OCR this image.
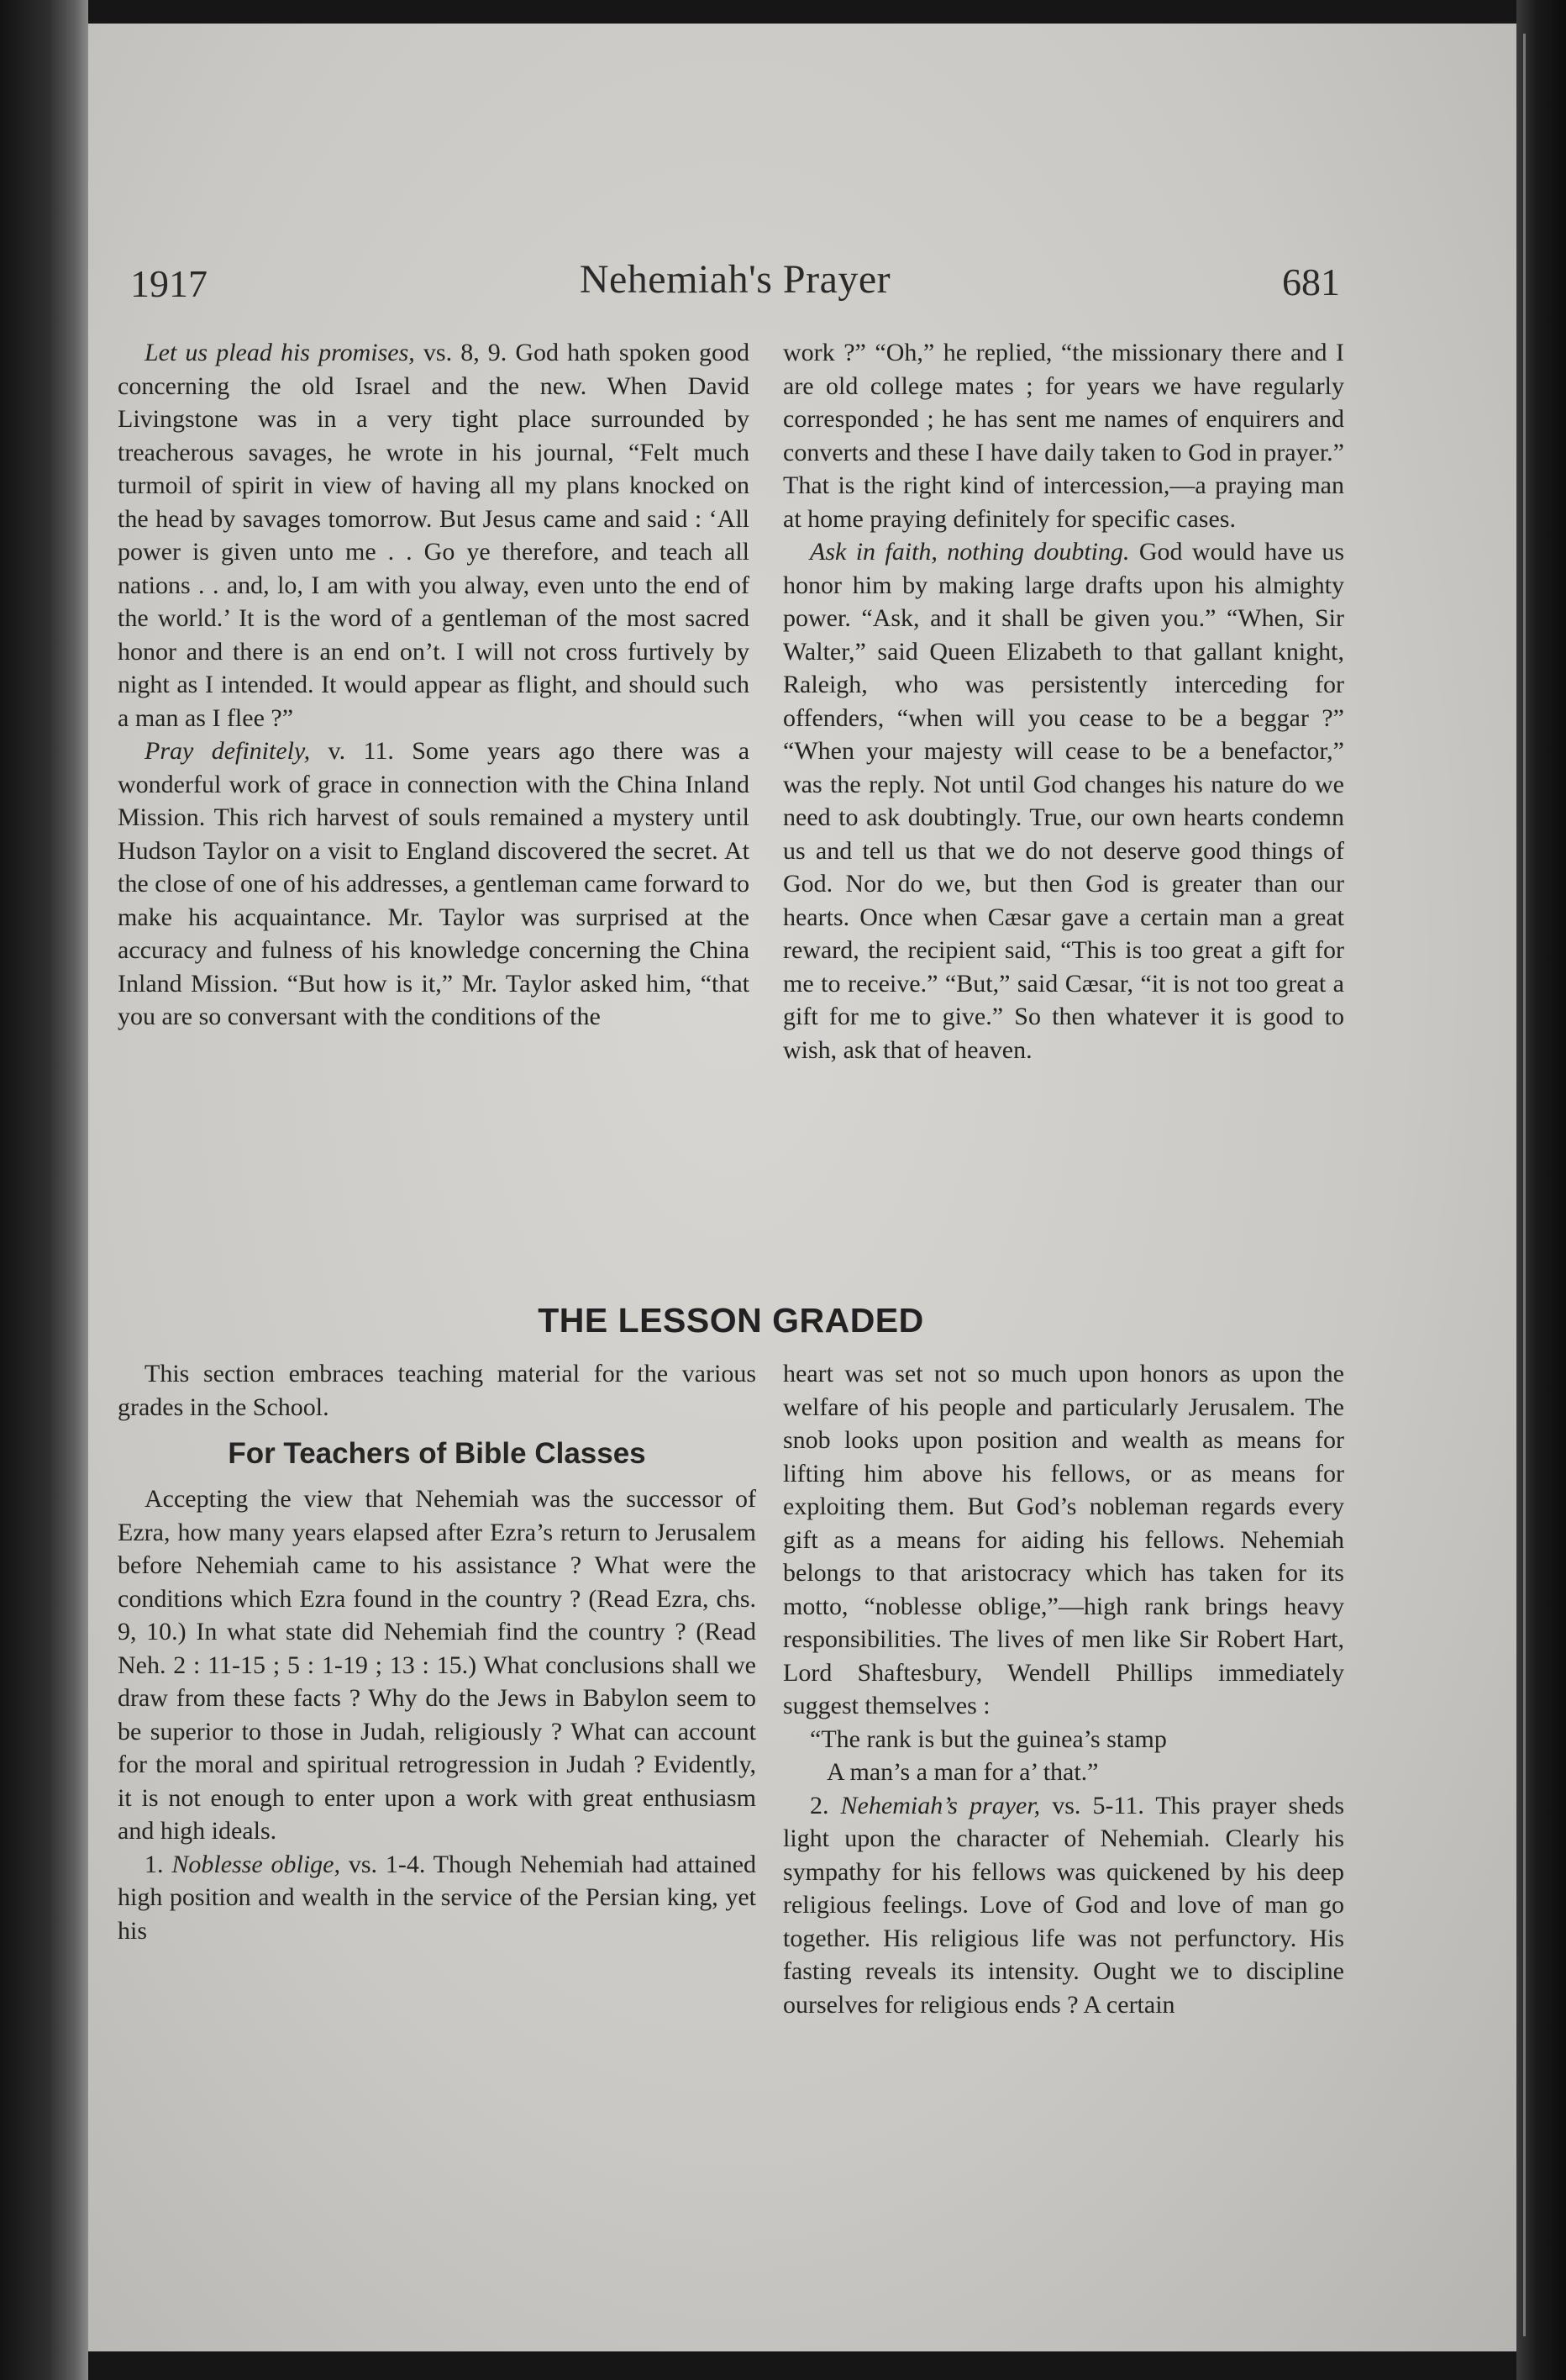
1917	Nehemiah's Prayer	681

Let us plead his promises, vs. 8, 9. God hath spoken good concerning the old Israel and the new. When David Livingstone was in a very tight place surrounded by treacherous savages, he wrote in his journal, “Felt much turmoil of spirit in view of having all my plans knocked on the head by savages tomorrow. But Jesus came and said : ‘All power is given unto me . . Go ye therefore, and teach all nations . . and, lo, I am with you alway, even unto the end of the world.’ It is the word of a gentleman of the most sacred honor and there is an end on’t. I will not cross furtively by night as I intended. It would appear as flight, and should such a man as I flee ?”

Pray definitely, v. 11. Some years ago there was a wonderful work of grace in connection with the China Inland Mission. This rich harvest of souls remained a mystery until Hudson Taylor on a visit to England discovered the secret. At the close of one of his addresses, a gentleman came forward to make his acquaintance. Mr. Taylor was surprised at the accuracy and fulness of his knowledge concerning the China Inland Mission. “But how is it,” Mr. Taylor asked him, “that you are so conversant with the conditions of the

work ?” “Oh,” he replied, “the missionary there and I are old college mates ; for years we have regularly corresponded ; he has sent me names of enquirers and converts and these I have daily taken to God in prayer.” That is the right kind of intercession,—a praying man at home praying definitely for specific cases.

Ask in faith, nothing doubting. God would have us honor him by making large drafts upon his almighty power. “Ask, and it shall be given you.” “When, Sir Walter,” said Queen Elizabeth to that gallant knight, Raleigh, who was persistently interceding for offenders, “when will you cease to be a beggar ?” “When your majesty will cease to be a benefactor,” was the reply. Not until God changes his nature do we need to ask doubtingly. True, our own hearts condemn us and tell us that we do not deserve good things of God. Nor do we, but then God is greater than our hearts. Once when Cæsar gave a certain man a great reward, the recipient said, “This is too great a gift for me to receive.” “But,” said Cæsar, “it is not too great a gift for me to give.” So then whatever it is good to wish, ask that of heaven.

THE LESSON GRADED

This section embraces teaching material for the various grades in the School.

For Teachers of Bible Classes

Accepting the view that Nehemiah was the successor of Ezra, how many years elapsed after Ezra’s return to Jerusalem before Nehemiah came to his assistance ? What were the conditions which Ezra found in the country ? (Read Ezra, chs. 9, 10.) In what state did Nehemiah find the country ? (Read Neh. 2 : 11-15 ; 5 : 1-19 ; 13 : 15.) What conclusions shall we draw from these facts ? Why do the Jews in Babylon seem to be superior to those in Judah, religiously ? What can account for the moral and spiritual retrogression in Judah ? Evidently, it is not enough to enter upon a work with great enthusiasm and high ideals.

1. Noblesse oblige, vs. 1-4. Though Nehemiah had attained high position and wealth in the service of the Persian king, yet his

heart was set not so much upon honors as upon the welfare of his people and particularly Jerusalem. The snob looks upon position and wealth as means for lifting him above his fellows, or as means for exploiting them. But God’s nobleman regards every gift as a means for aiding his fellows. Nehemiah belongs to that aristocracy which has taken for its motto, “noblesse oblige,”—high rank brings heavy responsibilities. The lives of men like Sir Robert Hart, Lord Shaftesbury, Wendell Phillips immediately suggest themselves :

“The rank is but the guinea’s stamp

A man’s a man for a’ that.”

2. Nehemiah’s prayer, vs. 5-11. This prayer sheds light upon the character of Nehemiah. Clearly his sympathy for his fellows was quickened by his deep religious feelings. Love of God and love of man go together. His religious life was not perfunctory. His fasting reveals its intensity. Ought we to discipline ourselves for religious ends ? A certain
